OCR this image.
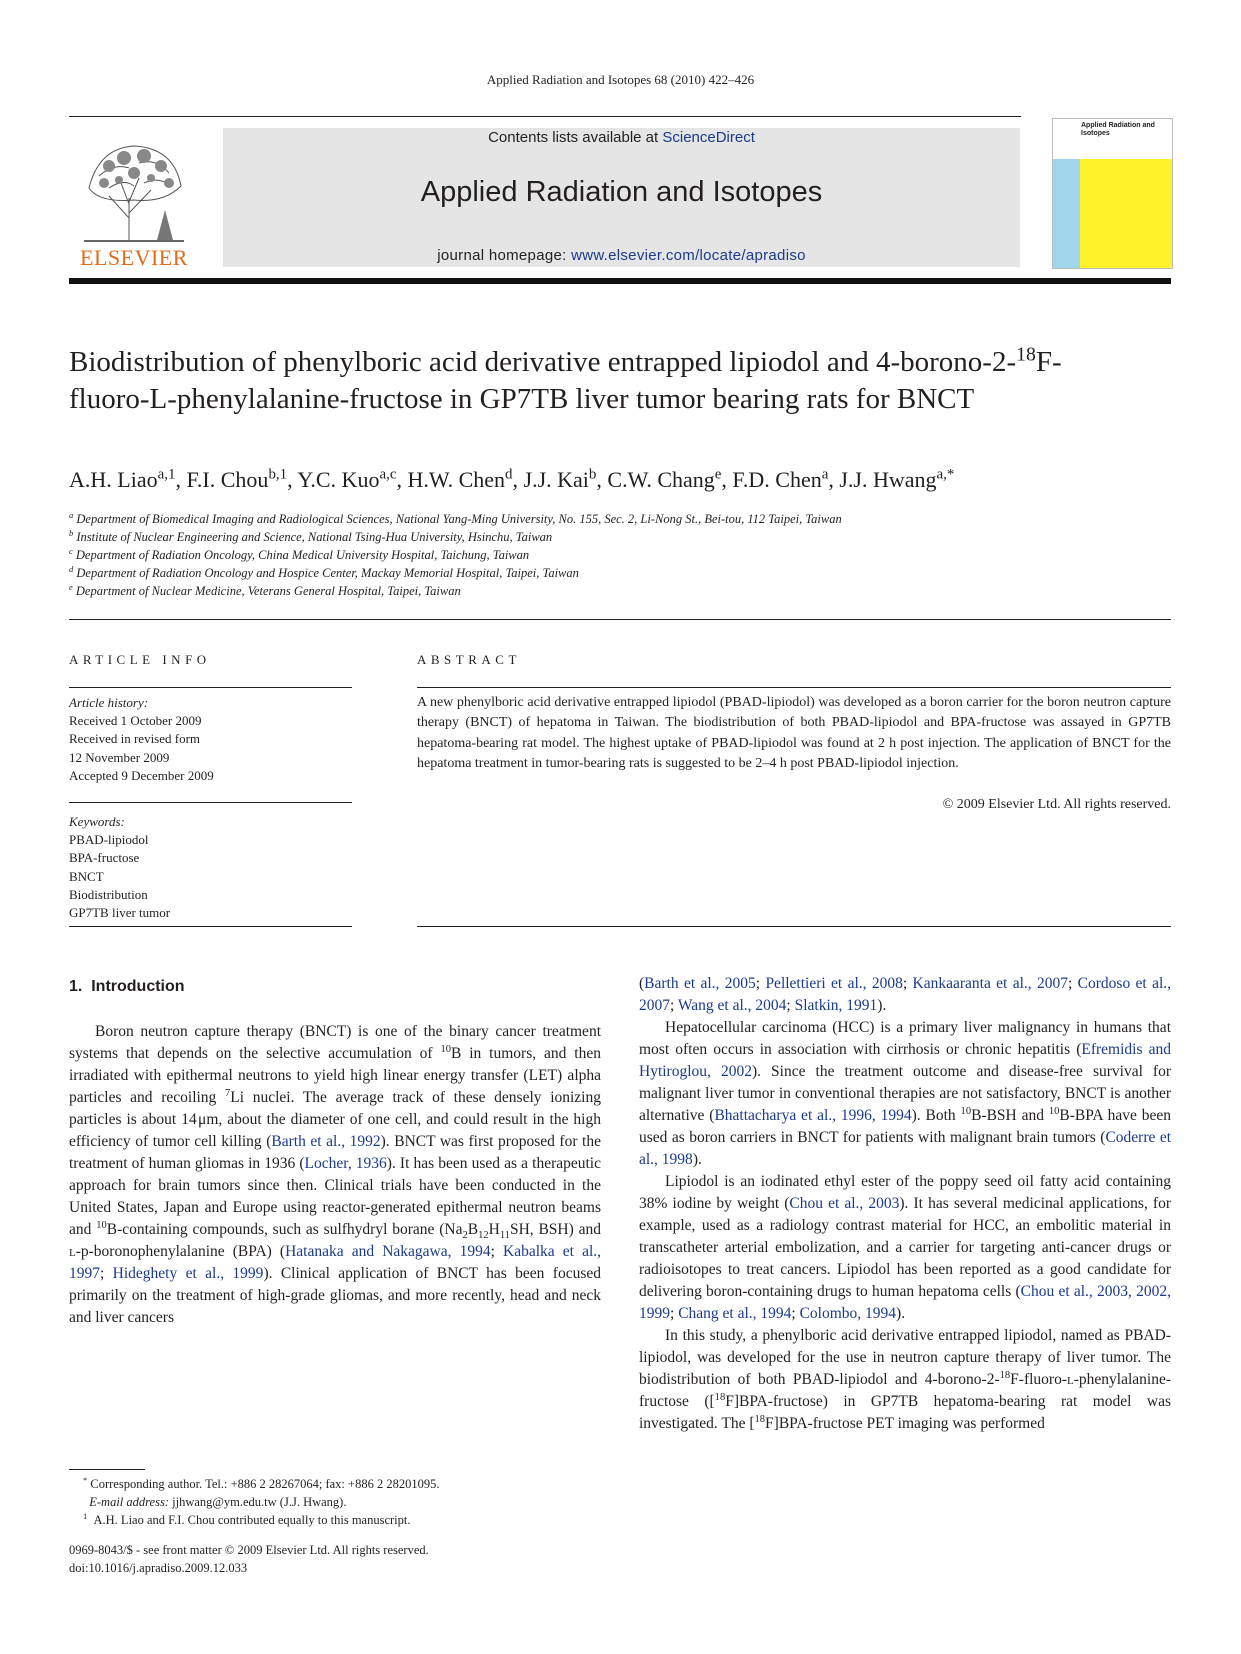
Applied Radiation and Isotopes 68 (2010) 422–426
ELSEVIER
Contents lists available at ScienceDirect
Applied Radiation and Isotopes
journal homepage: www.elsevier.com/locate/apradiso
Applied Radiation and Isotopes
Biodistribution of phenylboric acid derivative entrapped lipiodol and 4-borono-2-$^{18}$F-fluoro-L-phenylalanine-fructose in GP7TB liver tumor bearing rats for BNCT
A.H. Liao$^{a,1}$, F.I. Chou$^{b,1}$, Y.C. Kuo$^{a,c}$, H.W. Chen$^d$, J.J. Kai$^b$, C.W. Chang$^e$, F.D. Chen$^a$, J.J. Hwang$^{a,*}$
$^a$ Department of Biomedical Imaging and Radiological Sciences, National Yang-Ming University, No. 155, Sec. 2, Li-Nong St., Bei-tou, 112 Taipei, Taiwan
$^b$ Institute of Nuclear Engineering and Science, National Tsing-Hua University, Hsinchu, Taiwan
$^c$ Department of Radiation Oncology, China Medical University Hospital, Taichung, Taiwan
$^d$ Department of Radiation Oncology and Hospice Center, Mackay Memorial Hospital, Taipei, Taiwan
$^e$ Department of Nuclear Medicine, Veterans General Hospital, Taipei, Taiwan
ARTICLE INFO
Article history:
Received 1 October 2009
Received in revised form
12 November 2009
Accepted 9 December 2009
Keywords:
PBAD-lipiodol
BPA-fructose
BNCT
Biodistribution
GP7TB liver tumor
ABSTRACT
A new phenylboric acid derivative entrapped lipiodol (PBAD-lipiodol) was developed as a boron carrier for the boron neutron capture therapy (BNCT) of hepatoma in Taiwan. The biodistribution of both PBAD-lipiodol and BPA-fructose was assayed in GP7TB hepatoma-bearing rat model. The highest uptake of PBAD-lipiodol was found at 2 h post injection. The application of BNCT for the hepatoma treatment in tumor-bearing rats is suggested to be 2–4 h post PBAD-lipiodol injection.
© 2009 Elsevier Ltd. All rights reserved.
1. Introduction

Boron neutron capture therapy (BNCT) is one of the binary cancer treatment systems that depends on the selective accumulation of $^{10}$B in tumors, and then irradiated with epithermal neutrons to yield high linear energy transfer (LET) alpha particles and recoiling $^7$Li nuclei. The average track of these densely ionizing particles is about 14 μm, about the diameter of one cell, and could result in the high efficiency of tumor cell killing (Barth et al., 1992). BNCT was first proposed for the treatment of human gliomas in 1936 (Locher, 1936). It has been used as a therapeutic approach for brain tumors since then. Clinical trials have been conducted in the United States, Japan and Europe using reactor-generated epithermal neutron beams and $^{10}$B-containing compounds, such as sulfhydryl borane ($Na_2B_{12}H_{11}SH$, BSH) and l-p-boronophenylalanine (BPA) (Hatanaka and Nakagawa, 1994; Kabalka et al., 1997; Hideghety et al., 1999). Clinical application of BNCT has been focused primarily on the treatment of high-grade gliomas, and more recently, head and neck and liver cancers

(Barth et al., 2005; Pellettieri et al., 2008; Kankaaranta et al., 2007; Cordoso et al., 2007; Wang et al., 2004; Slatkin, 1991).

Hepatocellular carcinoma (HCC) is a primary liver malignancy in humans that most often occurs in association with cirrhosis or chronic hepatitis (Efremidis and Hytiroglou, 2002). Since the treatment outcome and disease-free survival for malignant liver tumor in conventional therapies are not satisfactory, BNCT is another alternative (Bhattacharya et al., 1996, 1994). Both $^{10}$B-BSH and $^{10}$B-BPA have been used as boron carriers in BNCT for patients with malignant brain tumors (Coderre et al., 1998).

Lipiodol is an iodinated ethyl ester of the poppy seed oil fatty acid containing 38% iodine by weight (Chou et al., 2003). It has several medicinal applications, for example, used as a radiology contrast material for HCC, an embolitic material in transcatheter arterial embolization, and a carrier for targeting anti-cancer drugs or radioisotopes to treat cancers. Lipiodol has been reported as a good candidate for delivering boron-containing drugs to human hepatoma cells (Chou et al., 2003, 2002, 1999; Chang et al., 1994; Colombo, 1994).

In this study, a phenylboric acid derivative entrapped lipiodol, named as PBAD-lipiodol, was developed for the use in neutron capture therapy of liver tumor. The biodistribution of both PBAD-lipiodol and 4-borono-2-$^{18}$F-fluoro-l-phenylalanine-fructose ([$^{18}$F]BPA-fructose) in GP7TB hepatoma-bearing rat model was investigated. The [$^{18}$F]BPA-fructose PET imaging was performed

* Corresponding author. Tel.: +886 2 28267064; fax: +886 2 28201095.
E-mail address: jjhwang@ym.edu.tw (J.J. Hwang).
$^1$ A.H. Liao and F.I. Chou contributed equally to this manuscript.
0969-8043/$ - see front matter © 2009 Elsevier Ltd. All rights reserved.
doi:10.1016/j.apradiso.2009.12.033
